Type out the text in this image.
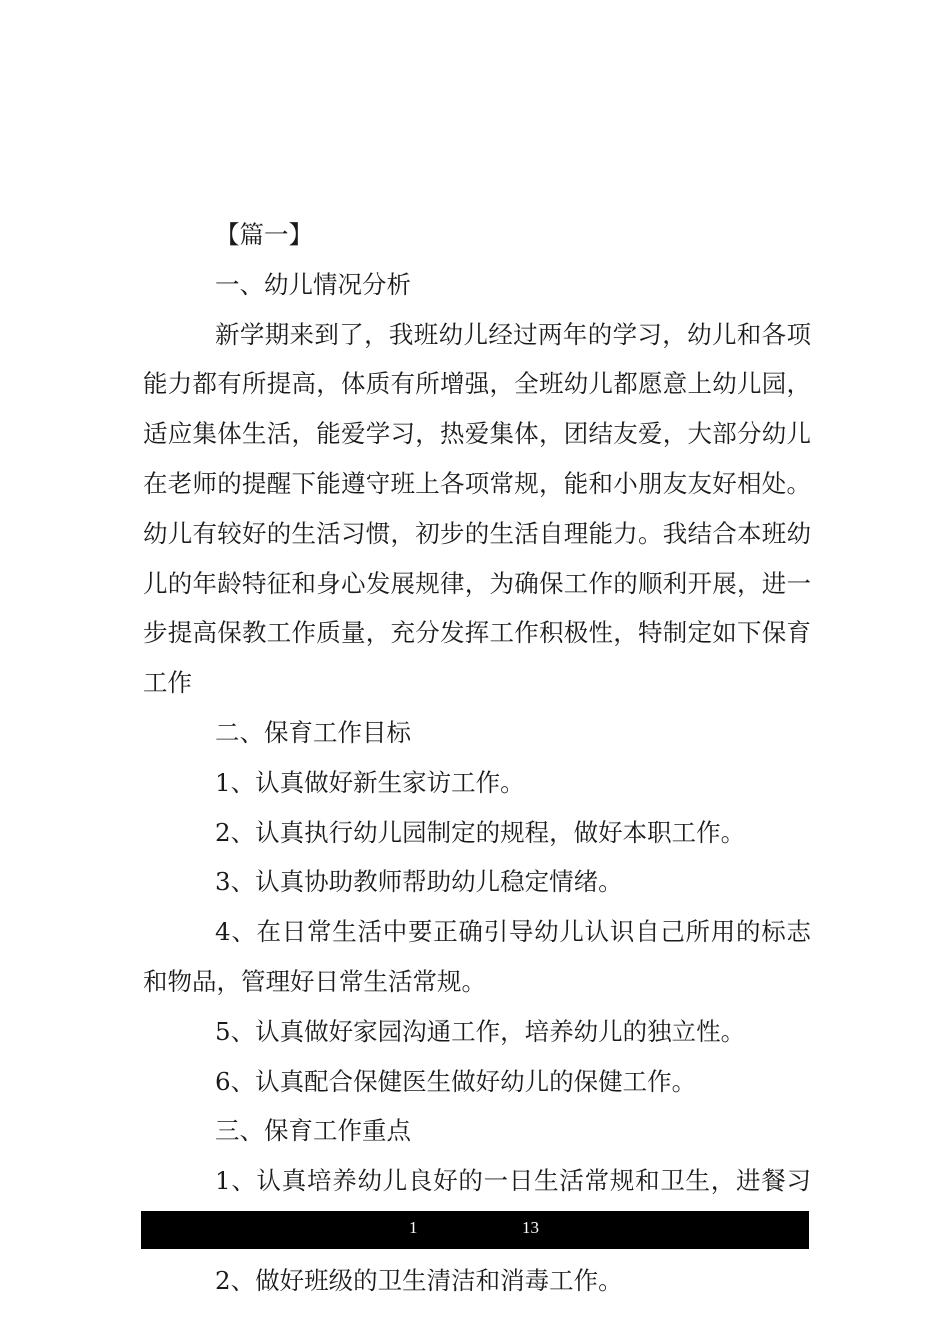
【篇一】

一、幼儿情况分析

新学期来到了，我班幼儿经过两年的学习，幼儿和各项能力都有所提高，体质有所增强，全班幼儿都愿意上幼儿园，适应集体生活，能爱学习，热爱集体，团结友爱，大部分幼儿在老师的提醒下能遵守班上各项常规，能和小朋友友好相处。幼儿有较好的生活习惯，初步的生活自理能力。我结合本班幼儿的年龄特征和身心发展规律，为确保工作的顺利开展，进一步提高保教工作质量，充分发挥工作积极性，特制定如下保育工作

二、保育工作目标

1、认真做好新生家访工作。

2、认真执行幼儿园制定的规程，做好本职工作。

3、认真协助教师帮助幼儿稳定情绪。

4、在日常生活中要正确引导幼儿认识自己所用的标志和物品，管理好日常生活常规。

5、认真做好家园沟通工作，培养幼儿的独立性。

6、认真配合保健医生做好幼儿的保健工作。

三、保育工作重点

1、认真培养幼儿良好的一日生活常规和卫生，进餐习

2、做好班级的卫生清洁和消毒工作。

1	13
